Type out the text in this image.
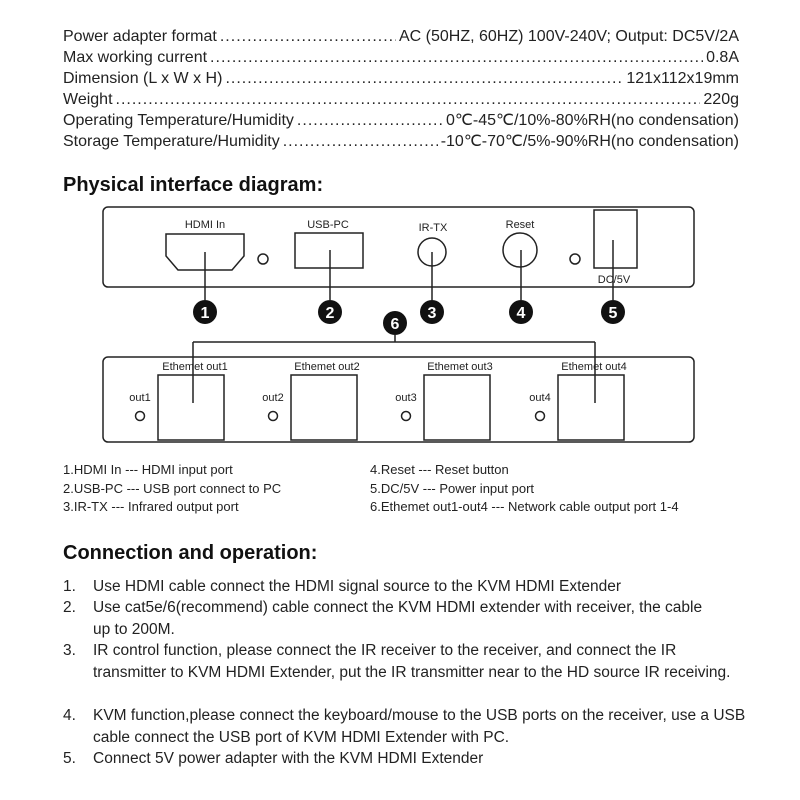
Power adapter format .....	AC (50HZ, 60HZ) 100V-240V; Output: DC5V/2A
Max working current .....	0.8A
Dimension (L x W x H) .....	121x112x19mm
Weight .....	220g
Operating Temperature/Humidity .....	0℃-45℃/10%-80%RH(no condensation)
Storage Temperature/Humidity .....	-10℃-70℃/5%-90%RH(no condensation)
Physical interface diagram:
HDMI In	USB-PC	IR-TX	Reset
DC/5V
1	2	3	4	5
6
Ethemet out1	Ethemet out2	Ethemet out3	Ethemet out4
out1	out2	out3	out4
1.HDMI In --- HDMI input port
2.USB-PC --- USB port connect to PC
3.IR-TX --- Infrared output port
4.Reset --- Reset button
5.DC/5V --- Power input port
6.Ethemet out1-out4 --- Network cable output port 1-4
Connection and operation:
1. Use HDMI cable connect the HDMI signal source to the KVM HDMI Extender
2. Use cat5e/6(recommend) cable connect the KVM HDMI extender with receiver, the cable up to 200M.
3. IR control function, please connect the IR receiver to the receiver, and connect the IR transmitter to KVM HDMI Extender, put the IR transmitter near to the HD source IR receiving.
4. KVM function,please connect the keyboard/mouse to the USB ports on the receiver, use a USB cable connect the USB port of KVM HDMI Extender with PC.
5. Connect 5V power adapter with the KVM HDMI Extender
